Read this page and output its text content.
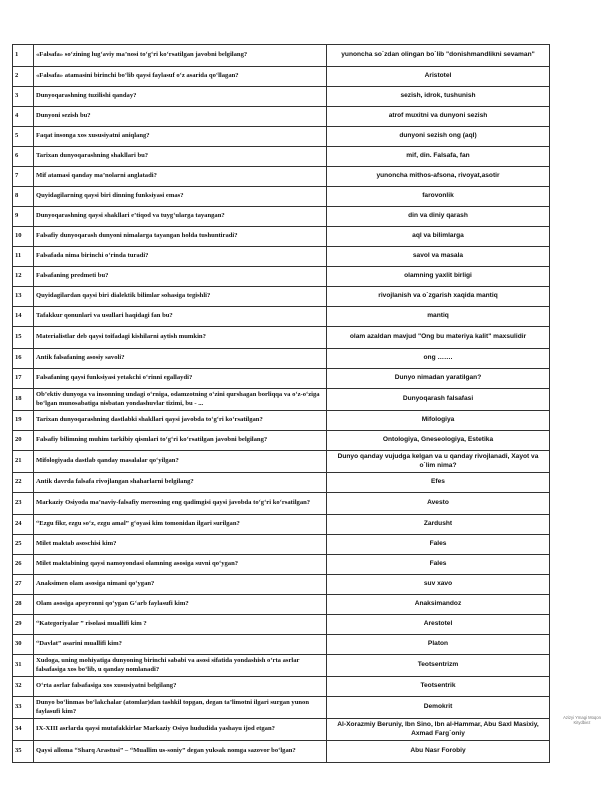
1	«Falsafa» so‘zining lug‘aviy ma’nosi to‘g‘ri ko‘rsatilgan javobni belgilang?	yunoncha so`zdan olingan bo`lib "donishmandlikni sevaman"
2	«Falsafa» atamasini birinchi bo‘lib qaysi faylasuf o‘z asarida qo‘llagan?	Aristotel
3	Dunyoqarashning tuzilishi qanday?	sezish, idrok, tushunish
4	Dunyoni sezish bu?	atrof muxitni va dunyoni sezish
5	Faqat insonga xos xususiyatni aniqlang?	dunyoni sezish ong (aql)
6	Tarixan dunyoqarashning shakllari bu?	mif, din. Falsafa, fan
7	Mif atamasi qanday ma’nolarni anglatadi?	yunoncha mithos-afsona, rivoyat,asotir
8	Quyidagilarning qaysi biri dinning funksiyasi emas?	farovonlik
9	Dunyoqarashning qaysi shakllari e’tiqod va tuyg‘ularga tayangan?	din va diniy qarash
10	Falsafiy dunyoqarash dunyoni nimalarga tayangan holda tushuntiradi?	aql va bilimlarga
11	Falsafada nima birinchi o‘rinda turadi?	savol va masala
12	Falsafaning predmeti bu?	olamning yaxlit birligi
13	Quyidagilardan qaysi biri dialektik bilimlar sohasiga tegishli?	rivojlanish va o`zgarish xaqida mantiq
14	Tafakkur qonunlari va usullari haqidagi fan bu?	mantiq
15	Materialistlar deb qaysi toifadagi kishilarni aytish mumkin?	olam azaldan mavjud "Ong bu materiya kalit" maxsulidir
16	Antik falsafaning asosiy savoli?	ong …….
17	Falsafaning qaysi funksiyasi yetakchi o‘rinni egallaydi?	Dunyo nimadan yaratilgan?
18	Ob’ektiv dunyoga va insonning undagi o‘rniga, odamzotning o‘zini qurshagan borliqqa va o‘z-o‘ziga bo‘lgan munosabatiga nisbatan yondashuvlar tizimi, bu - ...	Dunyoqarash falsafasi
19	Tarixan dunyoqarashning dastlabki shakllari qaysi javobda to‘g‘ri ko‘rsatilgan?	Mifologiya
20	Falsafiy bilimning muhim tarkibiy qismlari to‘g‘ri ko‘rsatilgan javobni belgilang?	Ontologiya, Gneseologiya, Estetika
21	Mifologiyada dastlab qanday masalalar qo‘yilgan?	Dunyo qanday vujudga kelgan va u qanday rivojlanadi, Xayot va o`lim nima?
22	Antik davrda falsafa rivojlangan shaharlarni belgilang?	Efes
23	Markaziy Osiyoda ma’naviy-falsafiy merosning eng qadimgisi qaysi javobda to‘g‘ri ko‘rsatilgan?	Avesto
24	“Ezgu fikr, ezgu so‘z, ezgu amal” g‘oyasi kim tomonidan ilgari surilgan?	Zardusht
25	Milet maktab asoschisi kim?	Fales
26	Milet maktabining qaysi namoyondasi olamning asosiga suvni qo‘ygan?	Fales
27	Anaksimen olam asosiga nimani qo‘ygan?	suv xavo
28	Olam asosiga apeyronni qo‘ygan G‘arb faylasufi kim?	Anaksimandoz
29	“Kategoriyalar ” risolasi muallifi kim ?	Arestotel
30	“Davlat” asarini muallifi kim?	Platon
31	Xudoga, uning mohiyatiga dunyoning birinchi sababi va asosi sifatida yondashish o‘rta asrlar falsafasiga xos bo‘lib, u qanday nomlanadi?	Teotsentrizm
32	O‘rta asrlar falsafasiga xos xususiyatni belgilang?	Teotsentrik
33	Dunyo bo‘linmas bo‘lakchalar (atomlar)dan tashkil topgan, degan ta’limotni ilgari surgan yunon faylasufi kim?	Demokrit
34	IX-XIII asrlarda qaysi mutafakkirlar Markaziy Osiyo hududida yashayu ijod etgan?	Al-Xorazmiy Beruniy, Ibn Sino, Ibn al-Hammar, Abu Saxl Masixiy, Axmad Farg`oniy
35	Qaysi alloma “Sharq Arastusi” – “Muallim us-soniy” degan yuksak nomga sazovor bo‘lgan?	Abu Nasr Forobiy
Azizyi Ymagi Moqon Kitydbiez
